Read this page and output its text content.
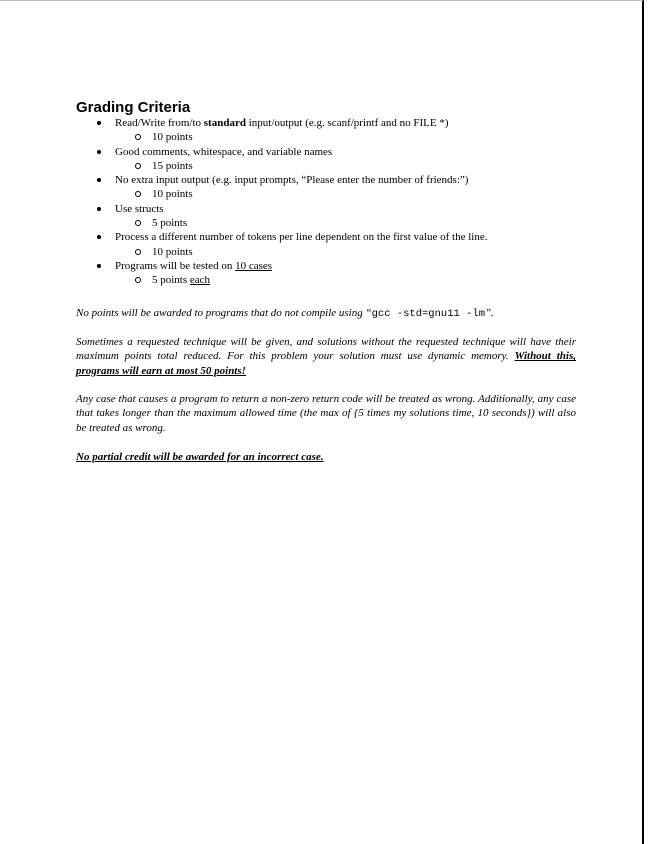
Grading Criteria
Read/Write from/to standard input/output (e.g. scanf/printf and no FILE *)
10 points
Good comments, whitespace, and variable names
15 points
No extra input output (e.g. input prompts, “Please enter the number of friends:”)
10 points
Use structs
5 points
Process a different number of tokens per line dependent on the first value of the line.
10 points
Programs will be tested on 10 cases
5 points each

No points will be awarded to programs that do not compile using “gcc -std=gnu11 -lm”.

Sometimes a requested technique will be given, and solutions without the requested technique will have their maximum points total reduced. For this problem your solution must use dynamic memory. Without this, programs will earn at most 50 points!

Any case that causes a program to return a non-zero return code will be treated as wrong. Additionally, any case that takes longer than the maximum allowed time (the max of {5 times my solutions time, 10 seconds}) will also be treated as wrong.

No partial credit will be awarded for an incorrect case.
